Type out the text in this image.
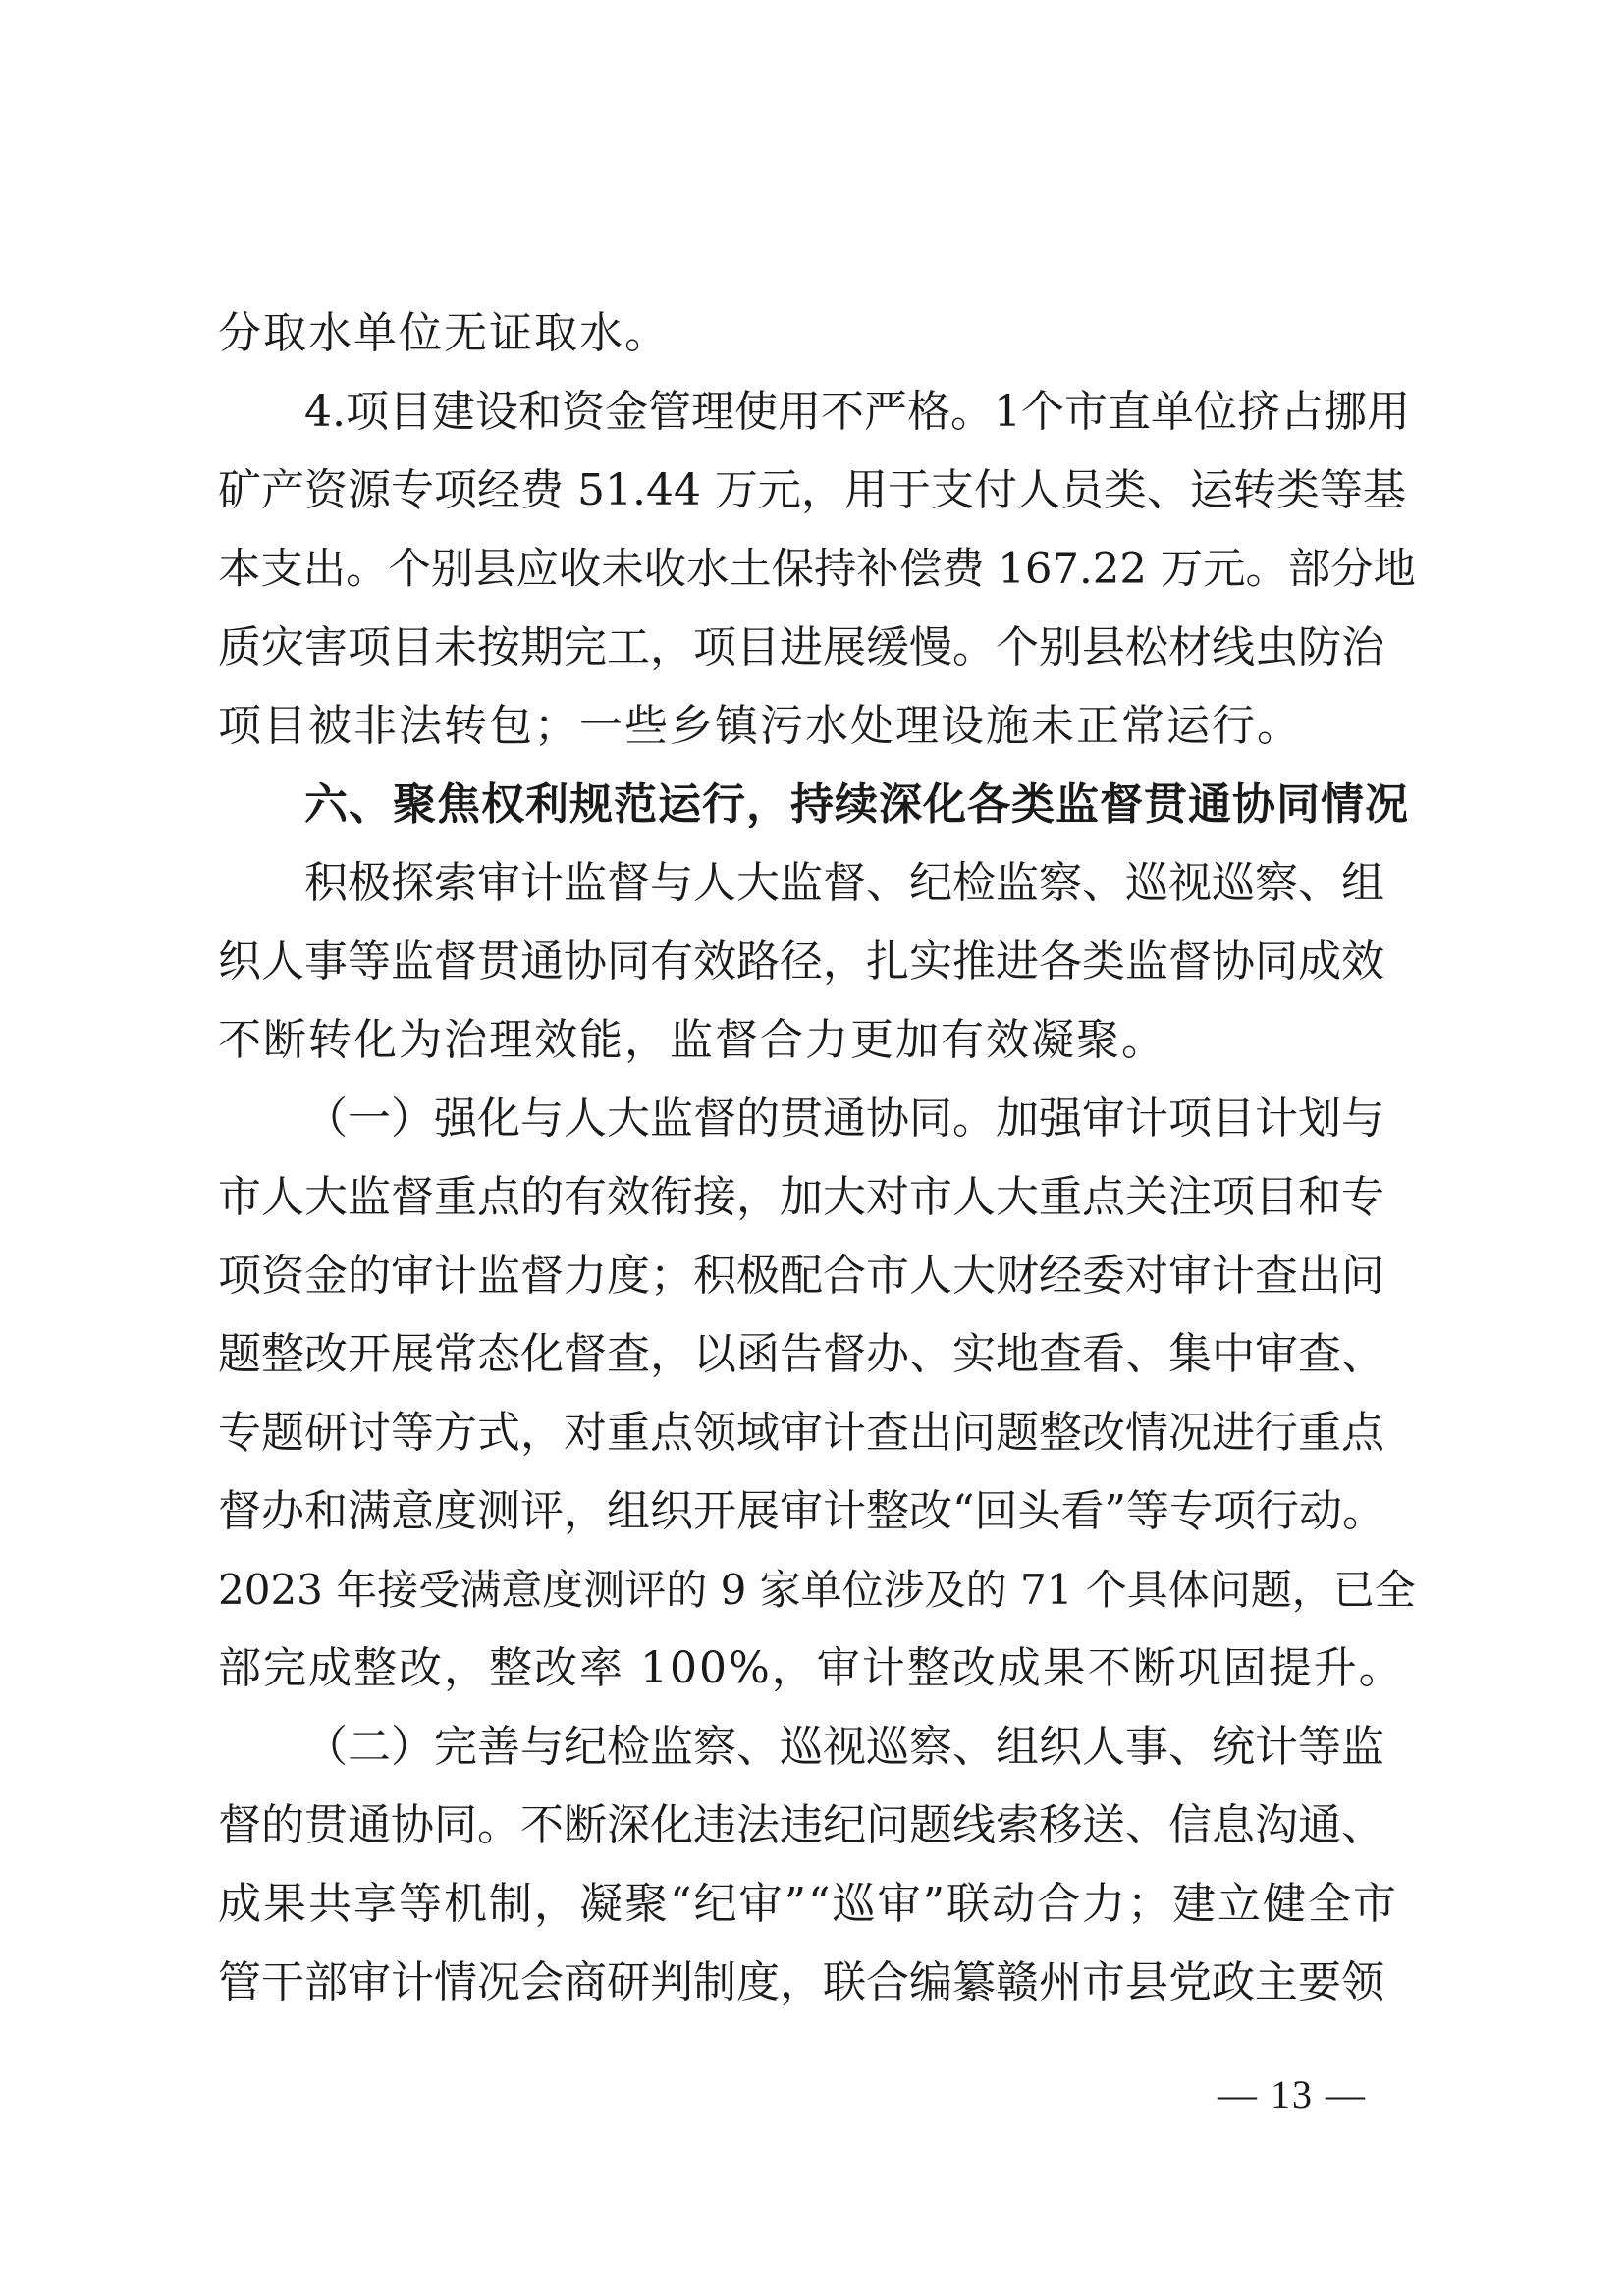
分取水单位无证取水。
4.项目建设和资金管理使用不严格。1个市直单位挤占挪用
矿产资源专项经费 51.44 万元，用于支付人员类、运转类等基
本支出。个别县应收未收水土保持补偿费 167.22 万元。部分地
质灾害项目未按期完工，项目进展缓慢。个别县松材线虫防治
项目被非法转包；一些乡镇污水处理设施未正常运行。
六、聚焦权利规范运行，持续深化各类监督贯通协同情况
积极探索审计监督与人大监督、纪检监察、巡视巡察、组
织人事等监督贯通协同有效路径，扎实推进各类监督协同成效
不断转化为治理效能，监督合力更加有效凝聚。
（一）强化与人大监督的贯通协同。加强审计项目计划与
市人大监督重点的有效衔接，加大对市人大重点关注项目和专
项资金的审计监督力度；积极配合市人大财经委对审计查出问
题整改开展常态化督查，以函告督办、实地查看、集中审查、
专题研讨等方式，对重点领域审计查出问题整改情况进行重点
督办和满意度测评，组织开展审计整改“回头看”等专项行动。
2023 年接受满意度测评的 9 家单位涉及的 71 个具体问题，已全
部完成整改，整改率 100%，审计整改成果不断巩固提升。
（二）完善与纪检监察、巡视巡察、组织人事、统计等监
督的贯通协同。不断深化违法违纪问题线索移送、信息沟通、
成果共享等机制，凝聚“纪审”“巡审”联动合力；建立健全市
管干部审计情况会商研判制度，联合编纂赣州市县党政主要领
— 13 —
